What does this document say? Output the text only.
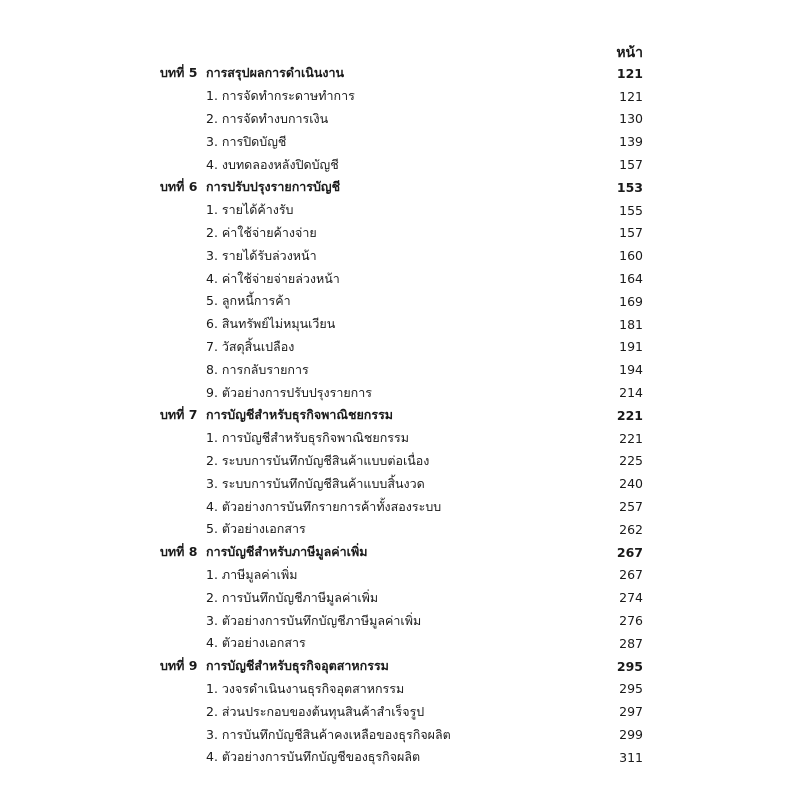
หน้า
บทที่ 5 การสรุปผลการดำเนินงาน	121
1. การจัดทำกระดาษทำการ	121
2. การจัดทำงบการเงิน	130
3. การปิดบัญชี	139
4. งบทดลองหลังปิดบัญชี	157
บทที่ 6 การปรับปรุงรายการบัญชี	153
1. รายได้ค้างรับ	155
2. ค่าใช้จ่ายค้างจ่าย	157
3. รายได้รับล่วงหน้า	160
4. ค่าใช้จ่ายจ่ายล่วงหน้า	164
5. ลูกหนี้การค้า	169
6. สินทรัพย์ไม่หมุนเวียน	181
7. วัสดุสิ้นเปลือง	191
8. การกลับรายการ	194
9. ตัวอย่างการปรับปรุงรายการ	214
บทที่ 7 การบัญชีสำหรับธุรกิจพาณิชยกรรม	221
1. การบัญชีสำหรับธุรกิจพาณิชยกรรม	221
2. ระบบการบันทึกบัญชีสินค้าแบบต่อเนื่อง	225
3. ระบบการบันทึกบัญชีสินค้าแบบสิ้นงวด	240
4. ตัวอย่างการบันทึกรายการค้าทั้งสองระบบ	257
5. ตัวอย่างเอกสาร	262
บทที่ 8 การบัญชีสำหรับภาษีมูลค่าเพิ่ม	267
1. ภาษีมูลค่าเพิ่ม	267
2. การบันทึกบัญชีภาษีมูลค่าเพิ่ม	274
3. ตัวอย่างการบันทึกบัญชีภาษีมูลค่าเพิ่ม	276
4. ตัวอย่างเอกสาร	287
บทที่ 9 การบัญชีสำหรับธุรกิจอุตสาหกรรม	295
1. วงจรดำเนินงานธุรกิจอุตสาหกรรม	295
2. ส่วนประกอบของต้นทุนสินค้าสำเร็จรูป	297
3. การบันทึกบัญชีสินค้าคงเหลือของธุรกิจผลิต	299
4. ตัวอย่างการบันทึกบัญชีของธุรกิจผลิต	311
